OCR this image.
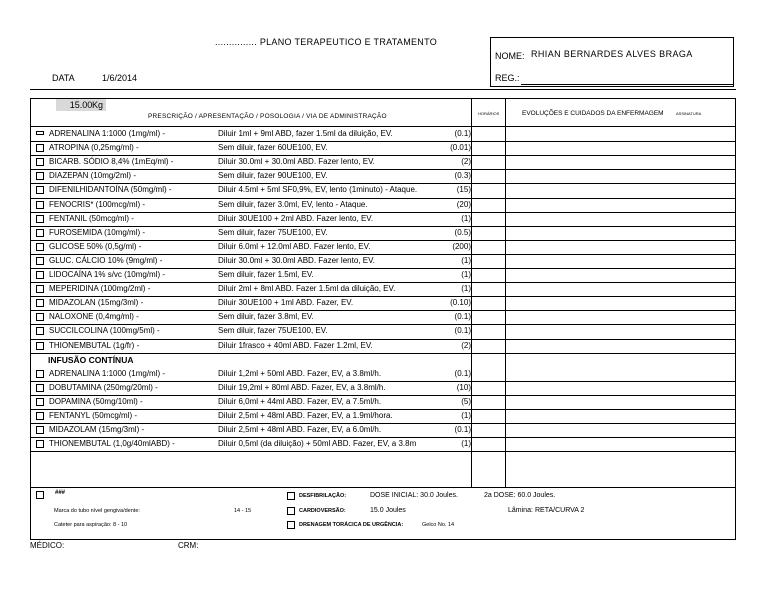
............... PLANO TERAPEUTICO E TRATAMENTO
NOME: RHIAN BERNARDES ALVES BRAGA
REG.:
DATA	1/6/2014
15.00 Kg
PRESCRIÇÃO / APRESENTAÇÃO / POSOLOGIA / VIA DE ADMINISTRAÇÃO	HORÁRIOS	EVOLUÇÕES E CUIDADOS DA ENFERMAGEM	ASSINATURA
ADRENALINA 1:1000 (1mg/ml) -	Diluir 1ml + 9ml ABD, fazer 1.5ml da diluição, EV.	(0.1)
ATROPINA (0,25mg/ml) -	Sem diluir, fazer 60UE100, EV.	(0.01)
BICARB. SÓDIO 8,4% (1mEq/ml) -	Diluir 30.0ml + 30.0ml ABD. Fazer lento, EV.	(2)
DIAZEPAN (10mg/2ml) -	Sem diluir, fazer 90UE100, EV.	(0.3)
DIFENILHIDANTOÍNA (50mg/ml) -	Diluir 4.5ml + 5ml SF0,9%, EV, lento (1minuto) - Ataque.	(15)
FENOCRIS* (100mcg/ml) -	Sem diluir, fazer 3.0ml, EV, lento - Ataque.	(20)
FENTANIL (50mcg/ml) -	Diluir 30UE100 + 2ml ABD. Fazer lento, EV.	(1)
FUROSEMIDA (10mg/ml) -	Sem diluir, fazer 75UE100, EV.	(0.5)
GLICOSE 50% (0,5g/ml) -	Diluir 6.0ml + 12.0ml ABD. Fazer lento, EV.	(200)
GLUC. CÁLCIO 10% (9mg/ml) -	Diluir 30.0ml + 30.0ml ABD. Fazer lento, EV.	(1)
LIDOCAÍNA 1% s/vc (10mg/ml) -	Sem diluir, fazer 1.5ml, EV.	(1)
MEPERIDINA (100mg/2ml) -	Diluir 2ml + 8ml ABD. Fazer 1.5ml da diluição, EV.	(1)
MIDAZOLAN (15mg/3ml) -	Diluir 30UE100 + 1ml ABD. Fazer, EV.	(0.10)
NALOXONE (0,4mg/ml) -	Sem diluir, fazer 3.8ml, EV.	(0.1)
SUCCILCOLINA (100mg/5ml) -	Sem diluir, fazer 75UE100, EV.	(0.1)
THIONEMBUTAL (1g/fr) -	Diluir 1frasco + 40ml ABD. Fazer 1.2ml, EV.	(2)
INFUSÃO CONTÍNUA
ADRENALINA 1:1000 (1mg/ml) -	Diluir 1,2ml + 50ml ABD. Fazer, EV, a 3.8ml/h.	(0.1)
DOBUTAMINA (250mg/20ml) -	Diluir 19,2ml + 80ml ABD. Fazer, EV, a 3.8ml/h.	(10)
DOPAMINA (50mg/10ml) -	Diluir 6,0ml + 44ml ABD. Fazer, EV, a 7.5ml/h.	(5)
FENTANYL (50mcg/ml) -	Diluir 2,5ml + 48ml ABD. Fazer, EV, a 1.9ml/hora.	(1)
MIDAZOLAM (15mg/3ml) -	Diluir 2,5ml + 48ml ABD. Fazer, EV, a 6.0ml/h.	(0.1)
THIONEMBUTAL (1,0g/40mlABD) -	Diluir 0,5ml (da diluição) + 50ml ABD. Fazer, EV, a 3.8m	(1)
###
Marca do tubo nível gengiva/dente:	14 - 15
Cateter para aspiração: 8 - 10
DESFIBRILAÇÃO:	DOSE INICIAL: 30.0 Joules.	2a DOSE: 60.0 Joules.
CARDIOVERSÃO:	15.0 Joules	Lâmina: RETA/CURVA 2
DRENAGEM TORÁCICA DE URGÊNCIA:	Gelco No. 14
MÉDICO:	CRM:
